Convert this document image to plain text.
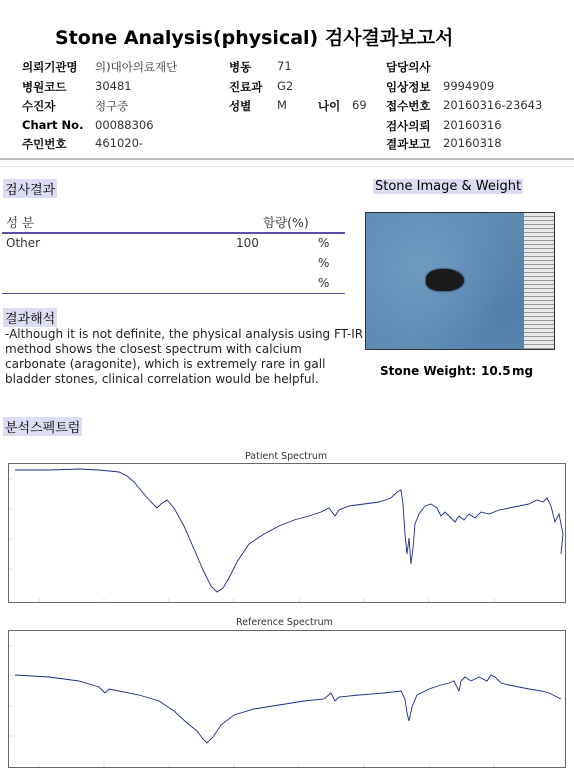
Stone Analysis(physical) 검사결과보고서
의뢰기관명 의)대아의료재단
병원코드 30481
수진자	정구중
Chart No. 00088306
주민번호 461020-
병동 71
진료과 G2
성별 M	나이 69
담당의사
임상정보 9994909
접수번호 20160316-23643
검사의뢰 20160316
결과보고 20160318
검사결과
성 분	함량(%)
Other	100	%
%
%
Stone Image & Weight
Stone Weight: 10.5 mg
결과해석
-Although it is not definite, the physical analysis using FT-IR method shows the closest spectrum with calcium carbonate (aragonite), which is extremely rare in gall bladder stones, clinical correlation would be helpful.
분석스펙트럼
Patient Spectrum
Reference Spectrum
